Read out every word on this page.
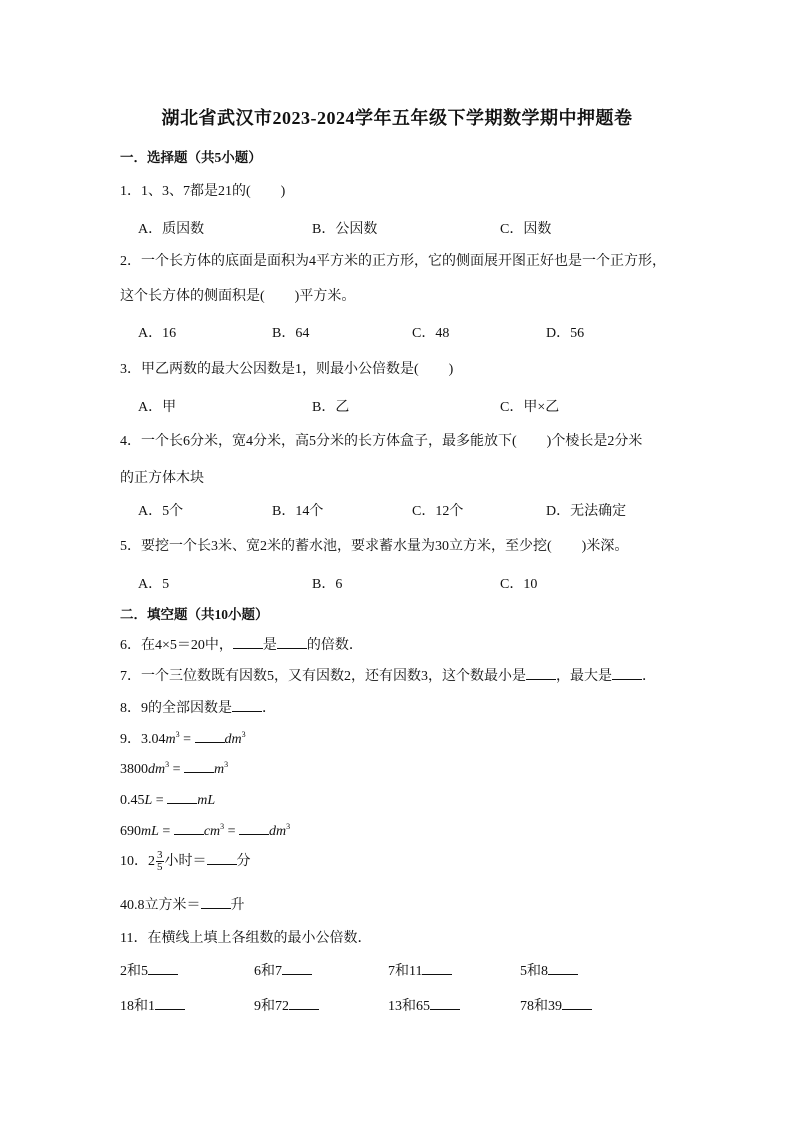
湖北省武汉市2023-2024学年五年级下学期数学期中押题卷
一．选择题（共5小题）
1．1、3、7都是21的( )
A．质因数	B．公因数	C．因数
2．一个长方体的底面是面积为4平方米的正方形，它的侧面展开图正好也是一个正方形，
这个长方体的侧面积是( )平方米。
A．16	B．64	C．48	D．56
3．甲乙两数的最大公因数是1，则最小公倍数是( )
A．甲	B．乙	C．甲×乙
4．一个长6分米，宽4分米，高5分米的长方体盒子，最多能放下( )个棱长是2分米
的正方体木块
A．5个	B．14个	C．12个	D．无法确定
5．要挖一个长3米、宽2米的蓄水池，要求蓄水量为30立方米，至少挖( )米深。
A．5	B．6	C．10
二．填空题（共10小题）
6．在4×5＝20中， 是 的倍数．
7．一个三位数既有因数5，又有因数2，还有因数3，这个数最小是 ，最大是 ．
8．9的全部因数是 ．
9．$3.04m^3 = dm^3$
$3800dm^3 = m^3$
0.45L = mL
$690mL = cm^3 = dm^3$
10．$2 \frac{3}{5}$ 小时＝ 分
40.8立方米＝ 升
11．在横线上填上各组数的最小公倍数．
2和5	6和7	7和11	5和8
18和1	9和72	13和65	78和39
